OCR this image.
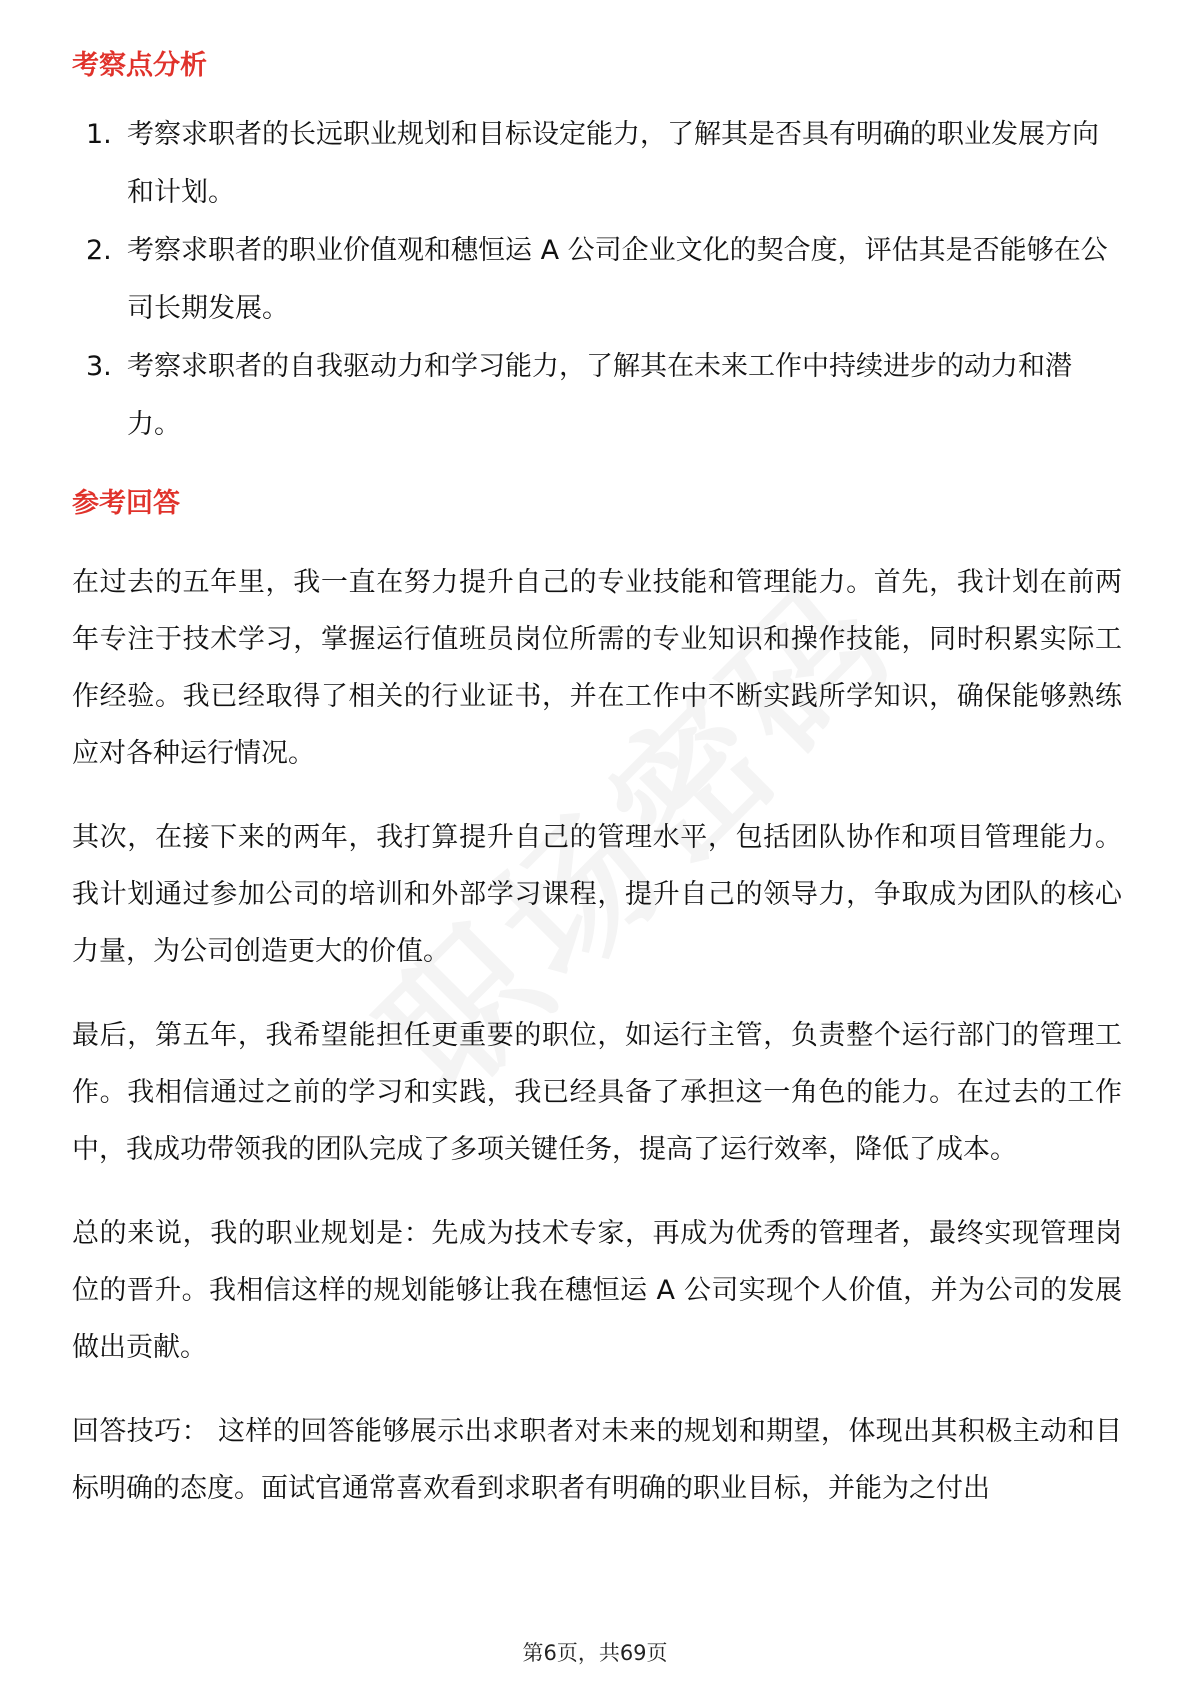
考察点分析
1. 考察求职者的长远职业规划和目标设定能力，了解其是否具有明确的职业发展方向和计划。
2. 考察求职者的职业价值观和穗恒运 A 公司企业文化的契合度，评估其是否能够在公司长期发展。
3. 考察求职者的自我驱动力和学习能力，了解其在未来工作中持续进步的动力和潜力。
参考回答

在过去的五年里，我一直在努力提升自己的专业技能和管理能力。首先，我计划在前两年专注于技术学习，掌握运行值班员岗位所需的专业知识和操作技能，同时积累实际工作经验。我已经取得了相关的行业证书，并在工作中不断实践所学知识，确保能够熟练应对各种运行情况。

其次，在接下来的两年，我打算提升自己的管理水平，包括团队协作和项目管理能力。我计划通过参加公司的培训和外部学习课程，提升自己的领导力，争取成为团队的核心力量，为公司创造更大的价值。

最后，第五年，我希望能担任更重要的职位，如运行主管，负责整个运行部门的管理工作。我相信通过之前的学习和实践，我已经具备了承担这一角色的能力。在过去的工作中，我成功带领我的团队完成了多项关键任务，提高了运行效率，降低了成本。

总的来说，我的职业规划是：先成为技术专家，再成为优秀的管理者，最终实现管理岗位的晋升。我相信这样的规划能够让我在穗恒运 A 公司实现个人价值，并为公司的发展做出贡献。

回答技巧： 这样的回答能够展示出求职者对未来的规划和期望，体现出其积极主动和目标明确的态度。面试官通常喜欢看到求职者有明确的职业目标，并能为之付出

第6页，共69页
